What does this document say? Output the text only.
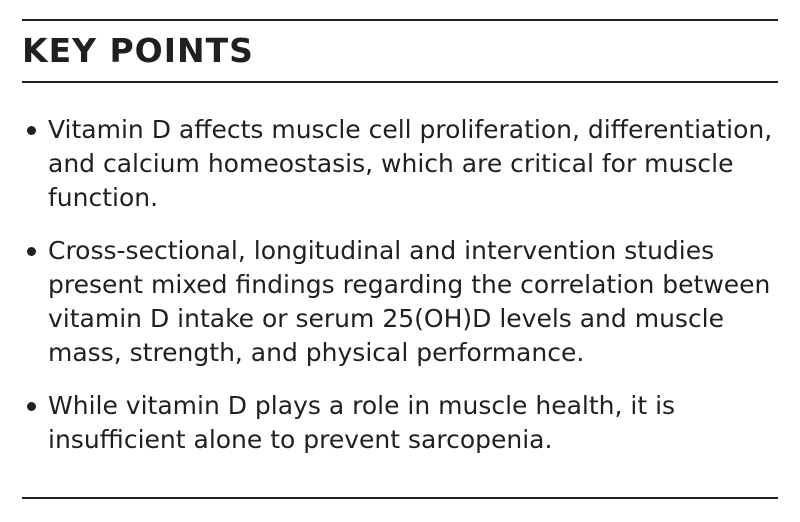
KEY POINTS
Vitamin D affects muscle cell proliferation, differentiation, and calcium homeostasis, which are critical for muscle function.
Cross-sectional, longitudinal and intervention studies present mixed findings regarding the correlation between vitamin D intake or serum 25(OH)D levels and muscle mass, strength, and physical performance.
While vitamin D plays a role in muscle health, it is insufficient alone to prevent sarcopenia.
